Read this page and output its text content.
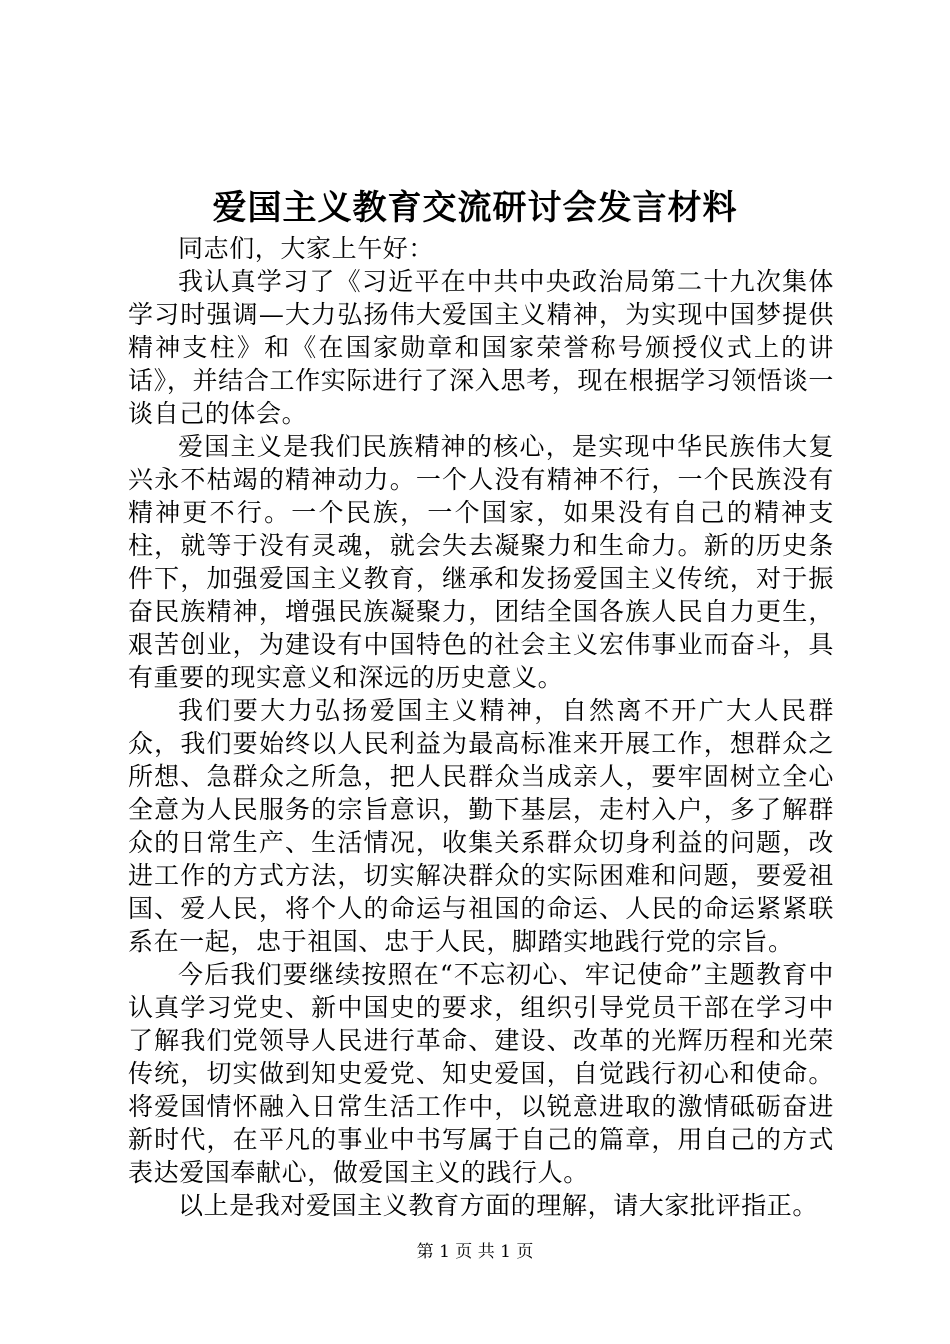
爱国主义教育交流研讨会发言材料

同志们，大家上午好：

我认真学习了《习近平在中共中央政治局第二十九次集体学习时强调—大力弘扬伟大爱国主义精神，为实现中国梦提供精神支柱》和《在国家勋章和国家荣誉称号颁授仪式上的讲话》，并结合工作实际进行了深入思考，现在根据学习领悟谈一谈自己的体会。

爱国主义是我们民族精神的核心，是实现中华民族伟大复兴永不枯竭的精神动力。一个人没有精神不行，一个民族没有精神更不行。一个民族，一个国家，如果没有自己的精神支柱，就等于没有灵魂，就会失去凝聚力和生命力。新的历史条件下，加强爱国主义教育，继承和发扬爱国主义传统，对于振奋民族精神，增强民族凝聚力，团结全国各族人民自力更生，艰苦创业，为建设有中国特色的社会主义宏伟事业而奋斗，具有重要的现实意义和深远的历史意义。

我们要大力弘扬爱国主义精神，自然离不开广大人民群众，我们要始终以人民利益为最高标准来开展工作，想群众之所想、急群众之所急，把人民群众当成亲人，要牢固树立全心全意为人民服务的宗旨意识，勤下基层，走村入户，多了解群众的日常生产、生活情况，收集关系群众切身利益的问题，改进工作的方式方法，切实解决群众的实际困难和问题，要爱祖国、爱人民，将个人的命运与祖国的命运、人民的命运紧紧联系在一起，忠于祖国、忠于人民，脚踏实地践行党的宗旨。

今后我们要继续按照在“不忘初心、牢记使命”主题教育中认真学习党史、新中国史的要求，组织引导党员干部在学习中了解我们党领导人民进行革命、建设、改革的光辉历程和光荣传统，切实做到知史爱党、知史爱国，自觉践行初心和使命。将爱国情怀融入日常生活工作中，以锐意进取的激情砥砺奋进新时代，在平凡的事业中书写属于自己的篇章，用自己的方式表达爱国奉献心，做爱国主义的践行人。

以上是我对爱国主义教育方面的理解，请大家批评指正。

第 1 页 共 1 页
